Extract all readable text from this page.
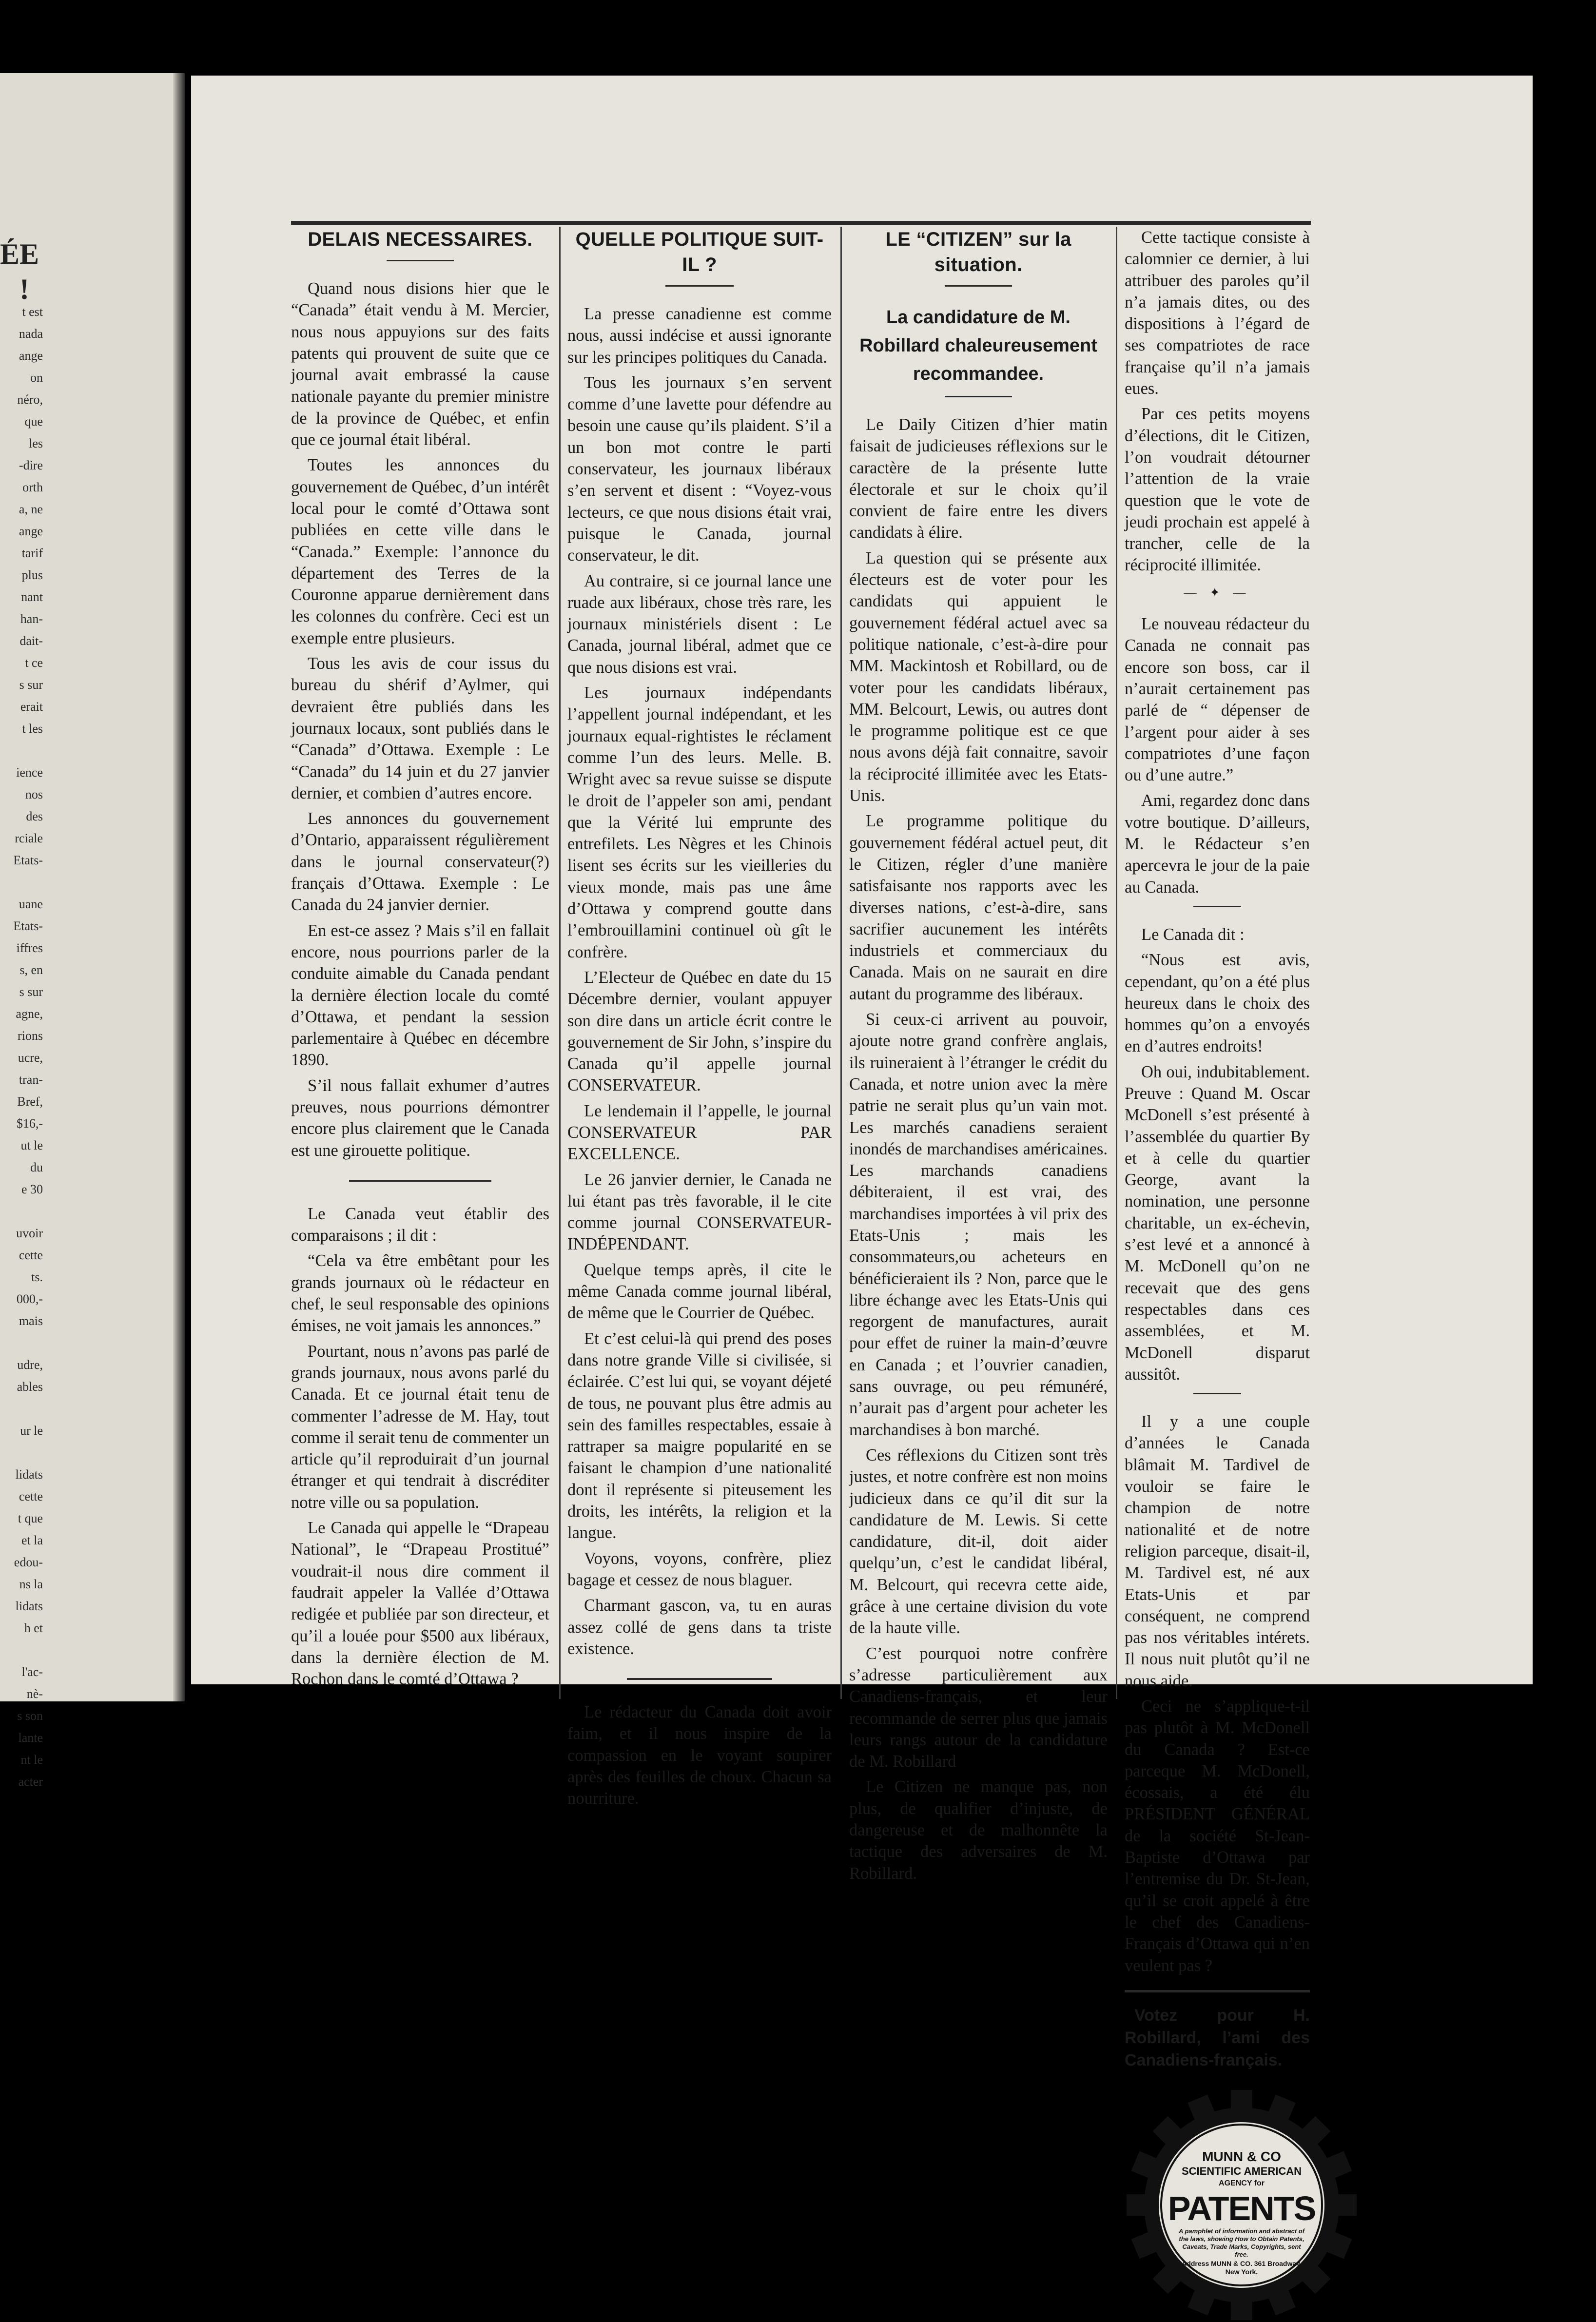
ÉE
!
t est
nada
ange
on
néro,
que
les
-dire
orth
a, ne
ange
tarif
plus
nant
han-
dait-
t ce
s sur
erait
t les
ience
nos
des
rciale
Etats-
uane
Etats-
iffres
s, en
s sur
agne,
rions
ucre,
tran-
Bref,
$16,-
ut le
du
e 30
uvoir
cette
ts.
000,-
mais
udre,
ables
ur le
lidats
cette
t que
et la
edou-
ns la
lidats
h et
l'ac-
nè-
s son
lante
nt le
acter
DELAIS NECESSAIRES.

Quand nous disions hier que le “Canada” était vendu à M. Mercier, nous nous appuyions sur des faits patents qui prouvent de suite que ce journal avait embrassé la cause nationale payante du premier ministre de la province de Québec, et enfin que ce journal était libéral.

Toutes les annonces du gouvernement de Québec, d’un intérêt local pour le comté d’Ottawa sont publiées en cette ville dans le “Canada.” Exemple: l’annonce du département des Terres de la Couronne apparue dernièrement dans les colonnes du confrère. Ceci est un exemple entre plusieurs.

Tous les avis de cour issus du bureau du shérif d’Aylmer, qui devraient être publiés dans les journaux locaux, sont publiés dans le “Canada” d’Ottawa. Exemple : Le “Canada” du 14 juin et du 27 janvier dernier, et combien d’autres encore.

Les annonces du gouvernement d’Ontario, apparaissent régulièrement dans le journal conservateur(?) français d’Ottawa. Exemple : Le Canada du 24 janvier dernier.

En est-ce assez ? Mais s’il en fallait encore, nous pourrions parler de la conduite aimable du Canada pendant la dernière élection locale du comté d’Ottawa, et pendant la session parlementaire à Québec en décembre 1890.

S’il nous fallait exhumer d’autres preuves, nous pourrions démontrer encore plus clairement que le Canada est une girouette politique.

Le Canada veut établir des comparaisons ; il dit :

“Cela va être embêtant pour les grands journaux où le rédacteur en chef, le seul responsable des opinions émises, ne voit jamais les annonces.”

Pourtant, nous n’avons pas parlé de grands journaux, nous avons parlé du Canada. Et ce journal était tenu de commenter l’adresse de M. Hay, tout comme il serait tenu de commenter un article qu’il reproduirait d’un journal étranger et qui tendrait à discréditer notre ville ou sa population.

Le Canada qui appelle le “Drapeau National”, le “Drapeau Prostitué” voudrait-il nous dire comment il faudrait appeler la Vallée d’Ottawa redigée et publiée par son directeur, et qu’il a louée pour $500 aux libéraux, dans la dernière élection de M. Rochon dans le comté d’Ottawa ?

QUELLE POLITIQUE SUIT-IL ?

La presse canadienne est comme nous, aussi indécise et aussi ignorante sur les principes politiques du Canada.

Tous les journaux s’en servent comme d’une lavette pour défendre au besoin une cause qu’ils plaident. S’il a un bon mot contre le parti conservateur, les journaux libéraux s’en servent et disent : “Voyez-vous lecteurs, ce que nous disions était vrai, puisque le Canada, journal conservateur, le dit.

Au contraire, si ce journal lance une ruade aux libéraux, chose très rare, les journaux ministériels disent : Le Canada, journal libéral, admet que ce que nous disions est vrai.

Les journaux indépendants l’appellent journal indépendant, et les journaux equal-rightistes le réclament comme l’un des leurs. Melle. B. Wright avec sa revue suisse se dispute le droit de l’appeler son ami, pendant que la Vérité lui emprunte des entrefilets. Les Nègres et les Chinois lisent ses écrits sur les vieilleries du vieux monde, mais pas une âme d’Ottawa y comprend goutte dans l’embrouillamini continuel où gît le confrère.

L’Electeur de Québec en date du 15 Décembre dernier, voulant appuyer son dire dans un article écrit contre le gouvernement de Sir John, s’inspire du Canada qu’il appelle journal CONSERVATEUR.

Le lendemain il l’appelle, le journal CONSERVATEUR PAR EXCELLENCE.

Le 26 janvier dernier, le Canada ne lui étant pas très favorable, il le cite comme journal CONSERVATEUR-INDÉPENDANT.

Quelque temps après, il cite le même Canada comme journal libéral, de même que le Courrier de Québec.

Et c’est celui-là qui prend des poses dans notre grande Ville si civilisée, si éclairée. C’est lui qui, se voyant déjeté de tous, ne pouvant plus être admis au sein des familles respectables, essaie à rattraper sa maigre popularité en se faisant le champion d’une nationalité dont il représente si piteusement les droits, les intérêts, la religion et la langue.

Voyons, voyons, confrère, pliez bagage et cessez de nous blaguer.

Charmant gascon, va, tu en auras assez collé de gens dans ta triste existence.

Le rédacteur du Canada doit avoir faim, et il nous inspire de la compassion en le voyant soupirer après des feuilles de choux. Chacun sa nourriture.

LE “CITIZEN” sur la situation.
La candidature de M. Robillard chaleureusement recommandee.

Le Daily Citizen d’hier matin faisait de judicieuses réflexions sur le caractère de la présente lutte électorale et sur le choix qu’il convient de faire entre les divers candidats à élire.

La question qui se présente aux électeurs est de voter pour les candidats qui appuient le gouvernement fédéral actuel avec sa politique nationale, c’est-à-dire pour MM. Mackintosh et Robillard, ou de voter pour les candidats libéraux, MM. Belcourt, Lewis, ou autres dont le programme politique est ce que nous avons déjà fait connaitre, savoir la réciprocité illimitée avec les Etats-Unis.

Le programme politique du gouvernement fédéral actuel peut, dit le Citizen, régler d’une manière satisfaisante nos rapports avec les diverses nations, c’est-à-dire, sans sacrifier aucunement les intérêts industriels et commerciaux du Canada. Mais on ne saurait en dire autant du programme des libéraux.

Si ceux-ci arrivent au pouvoir, ajoute notre grand confrère anglais, ils ruineraient à l’étranger le crédit du Canada, et notre union avec la mère patrie ne serait plus qu’un vain mot. Les marchés canadiens seraient inondés de marchandises américaines. Les marchands canadiens débiteraient, il est vrai, des marchandises importées à vil prix des Etats-Unis ; mais les consommateurs,ou acheteurs en bénéficieraient ils ? Non, parce que le libre échange avec les Etats-Unis qui regorgent de manufactures, aurait pour effet de ruiner la main-d’œuvre en Canada ; et l’ouvrier canadien, sans ouvrage, ou peu rémunéré, n’aurait pas d’argent pour acheter les marchandises à bon marché.

Ces réflexions du Citizen sont très justes, et notre confrère est non moins judicieux dans ce qu’il dit sur la candidature de M. Lewis. Si cette candidature, dit-il, doit aider quelqu’un, c’est le candidat libéral, M. Belcourt, qui recevra cette aide, grâce à une certaine division du vote de la haute ville.

C’est pourquoi notre confrère s’adresse particulièrement aux Canadiens-français, et leur recommande de serrer plus que jamais leurs rangs autour de la candidature de M. Robillard

Le Citizen ne manque pas, non plus, de qualifier d’injuste, de dangereuse et de malhonnête la tactique des adversaires de M. Robillard.

Cette tactique consiste à calomnier ce dernier, à lui attribuer des paroles qu’il n’a jamais dites, ou des dispositions à l’égard de ses compatriotes de race française qu’il n’a jamais eues.

Par ces petits moyens d’élections, dit le Citizen, l’on voudrait détourner l’attention de la vraie question que le vote de jeudi prochain est appelé à trancher, celle de la réciprocité illimitée.

— ✦ —

Le nouveau rédacteur du Canada ne connait pas encore son boss, car il n’aurait certainement pas parlé de “ dépenser de l’argent pour aider à ses compatriotes d’une façon ou d’une autre.”

Ami, regardez donc dans votre boutique. D’ailleurs, M. le Rédacteur s’en apercevra le jour de la paie au Canada.

Le Canada dit :

“Nous est avis, cependant, qu’on a été plus heureux dans le choix des hommes qu’on a envoyés en d’autres endroits!

Oh oui, indubitablement. Preuve : Quand M. Oscar McDonell s’est présenté à l’assemblée du quartier By et à celle du quartier George, avant la nomination, une personne charitable, un ex-échevin, s’est levé et a annoncé à M. McDonell qu’on ne recevait que des gens respectables dans ces assemblées, et M. McDonell disparut aussitôt.

Il y a une couple d’années le Canada blâmait M. Tardivel de vouloir se faire le champion de notre nationalité et de notre religion parceque, disait-il, M. Tardivel est, né aux Etats-Unis et par conséquent, ne comprend pas nos véritables intérets. Il nous nuit plutôt qu’il ne nous aide.

Ceci ne s’applique-t-il pas plutôt à M. McDonell du Canada ? Est-ce parceque M. McDonell, écossais, a été élu PRÉSIDENT GÉNÉRAL de la société St-Jean-Baptiste d’Ottawa par l’entremise du Dr. St-Jean, qu’il se croit appelé à être le chef des Canadiens-Français d’Ottawa qui n’en veulent pas ?

Votez pour H. Robillard, l’ami des Canadiens-français.
MUNN & CO
SCIENTIFIC AMERICAN
AGENCY for
PATENTS
A pamphlet of information and abstract of the laws, showing How to Obtain Patents, Caveats, Trade Marks, Copyrights, sent free.
Address MUNN & CO. 361 Broadway, New York.
